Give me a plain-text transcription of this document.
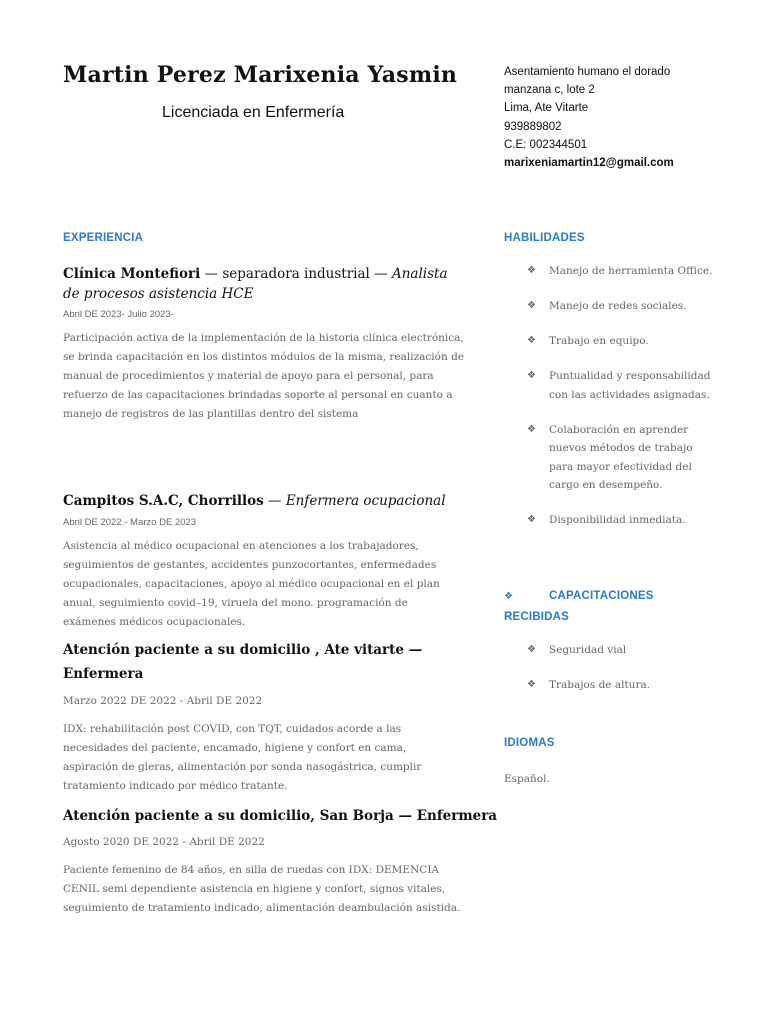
Martin Perez Marixenia Yasmin
Licenciada en Enfermería
Asentamiento humano el dorado
manzana c, lote 2
Lima, Ate Vitarte
939889802
C.E: 002344501
marixeniamartin12@gmail.com
EXPERIENCIA
Clínica Montefiori — separadora industrial — Analista de procesos asistencia HCE
Abril DE 2023- Julio 2023-
Participación activa de la implementación de la historia clínica electrónica, se brinda capacitación en los distintos módulos de la misma, realización de manual de procedimientos y material de apoyo para el personal, para refuerzo de las capacitaciones brindadas soporte al personal en cuanto a manejo de registros de las plantillas dentro del sistema
Campitos S.A.C, Chorrillos — Enfermera ocupacional
Abril DE 2022 - Marzo DE 2023
Asistencia al médico ocupacional en atenciones a los trabajadores, seguimientos de gestantes, accidentes punzocortantes, enfermedades ocupacionales, capacitaciones, apoyo al médico ocupacional en el plan anual, seguimiento covid–19, viruela del mono. programación de exámenes médicos ocupacionales.
Atención paciente a su domicilio , Ate vitarte — Enfermera
Marzo 2022 DE 2022 - Abril DE 2022
IDX: rehabilitación post COVID, con TQT, cuidados acorde a las necesidades del paciente, encamado, higiene y confort en cama, aspiración de gleras, alimentación por sonda nasogástrica, cumplir tratamiento indicado por médico tratante.
Atención paciente a su domicilio, San Borja — Enfermera
Agosto 2020 DE 2022 - Abril DE 2022
Paciente femenino de 84 años, en silla de ruedas con IDX: DEMENCIA CENIL semi dependiente asistencia en higiene y confort, signos vitales, seguimiento de tratamiento indicado, alimentación deambulación asistida.
HABILIDADES
❖ Manejo de herramienta Office.
❖ Manejo de redes sociales.
❖ Trabajo en equipo.
❖ Puntualidad y responsabilidad con las actividades asignadas.
❖ Colaboración en aprender nuevos métodos de trabajo para mayor efectividad del cargo en desempeño.
❖ Disponibilidad inmediata.
❖	CAPACITACIONES
RECIBIDAS
❖ Seguridad vial
❖ Trabajos de altura.
IDIOMAS
Español.
